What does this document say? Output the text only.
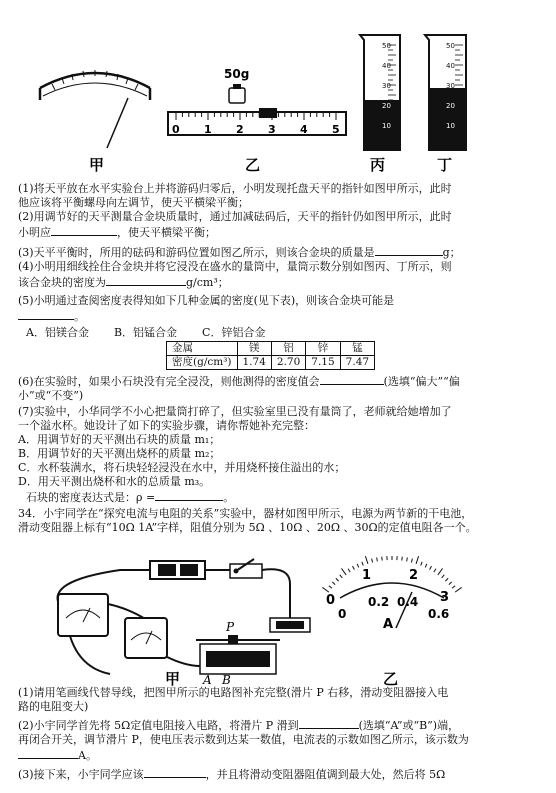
甲
50g
0 1 2 3 4 5
乙
50
40
30
20
10
丙
50
40
30
20
10
丁
(1)将天平放在水平实验台上并将游码归零后，小明发现托盘天平的指针如图甲所示，此时
他应该将平衡螺母向左调节，使天平横梁平衡；
(2)用调节好的天平测量合金块质量时，通过加减砝码后，天平的指针仍如图甲所示，此时
小明应	，使天平横梁平衡；
(3)天平平衡时，所用的砝码和游码位置如图乙所示，则该合金块的质量是	g；
(4)小明用细线拴住合金块并将它浸没在盛水的量筒中，量筒示数分别如图丙、丁所示，则
该合金块的密度为	g/cm³；
(5)小明通过查阅密度表得知如下几种金属的密度(见下表)，则该合金块可能是
。
A．铝镁合金 B．铝锰合金 C．锌铝合金
金属	镁	铝	锌	锰
密度(g/cm³)	1.74	2.70	7.15	7.47
(6)在实验时，如果小石块没有完全浸没，则他测得的密度值会	(选填“偏大”“偏
小”或“不变”)
(7)实验中，小华同学不小心把量筒打碎了，但实验室里已没有量筒了，老师就给她增加了
一个溢水杯。她设计了如下的实验步骤，请你帮她补充完整：
A．用调节好的天平测出石块的质量 m₁；
B．用调节好的天平测出烧杯的质量 m₂；
C．水杯装满水，将石块轻轻浸没在水中，并用烧杯接住溢出的水；
D．用天平测出烧杯和水的总质量 m₃。
石块的密度表达式是：ρ =	。
34．小宇同学在“探究电流与电阻的关系”实验中，器材如图甲所示，电源为两节新的干电池，
滑动变阻器上标有“10Ω 1A”字样，阻值分别为 5Ω 、10Ω 、20Ω 、30Ω的定值电阻各一个。
P
A B
0
1	2
3
0
0.2 0.4
0.6
A
甲	乙
(1)请用笔画线代替导线，把图甲所示的电路图补充完整(滑片 P 右移，滑动变阻器接入电
路的电阻变大)
(2)小宇同学首先将 5Ω定值电阻接入电路，将滑片 P 滑到	(选填“A”或“B”)端，
再闭合开关，调节滑片 P，使电压表示数到达某一数值，电流表的示数如图乙所示，该示数为
A。
(3)接下来，小宇同学应该	，并且将滑动变阻器阻值调到最大处，然后将 5Ω
